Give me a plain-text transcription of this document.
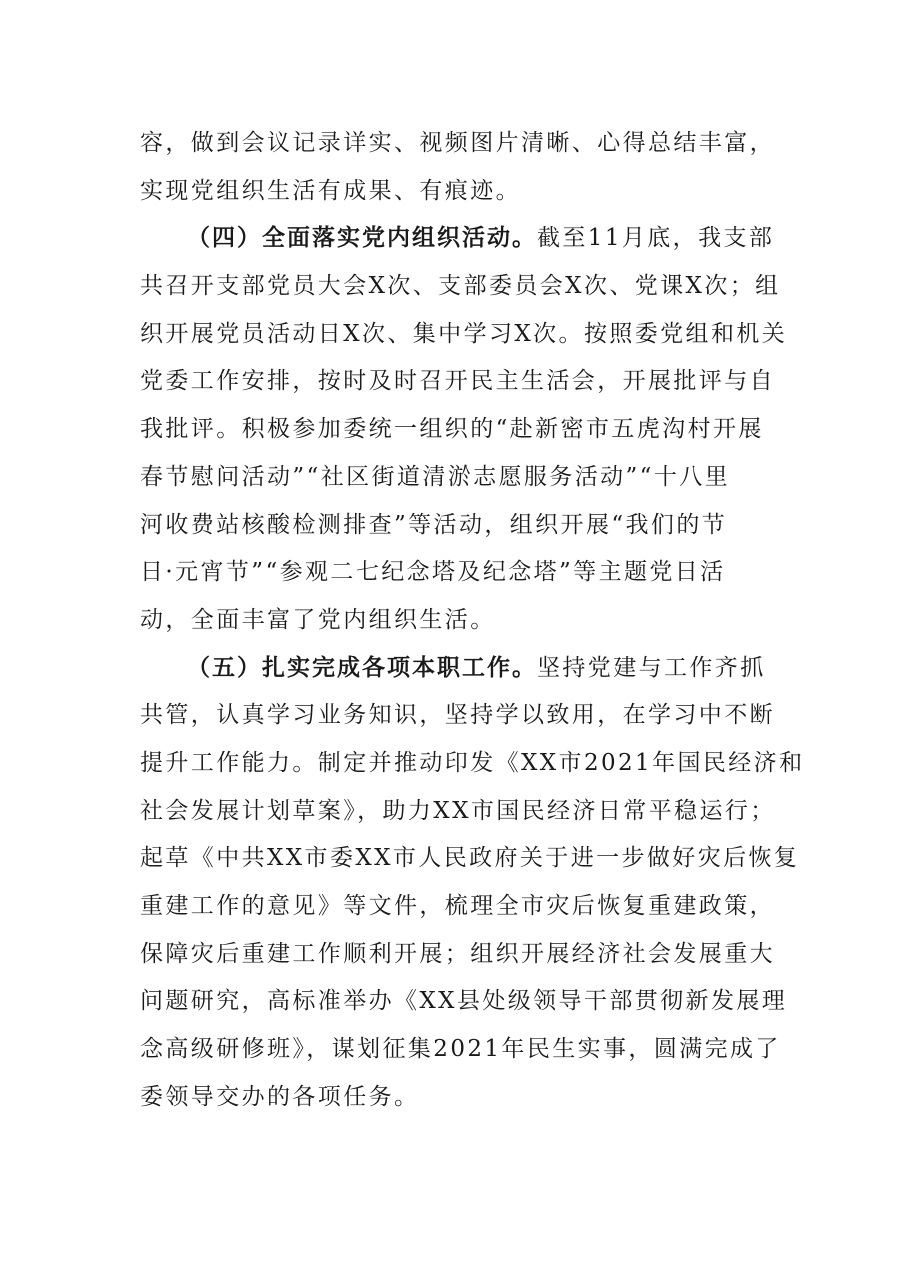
容，做到会议记录详实、视频图片清晰、心得总结丰富，
实现党组织生活有成果、有痕迹。
（四）全面落实党内组织活动。截至11月底，我支部
共召开支部党员大会X次、支部委员会X次、党课X次；组
织开展党员活动日X次、集中学习X次。按照委党组和机关
党委工作安排，按时及时召开民主生活会，开展批评与自
我批评。积极参加委统一组织的“赴新密市五虎沟村开展
春节慰问活动”“社区街道清淤志愿服务活动”“十八里
河收费站核酸检测排查”等活动，组织开展“我们的节
日·元宵节”“参观二七纪念塔及纪念塔”等主题党日活
动，全面丰富了党内组织生活。
（五）扎实完成各项本职工作。坚持党建与工作齐抓
共管，认真学习业务知识，坚持学以致用，在学习中不断
提升工作能力。制定并推动印发《XX市2021年国民经济和
社会发展计划草案》，助力XX市国民经济日常平稳运行；
起草《中共XX市委XX市人民政府关于进一步做好灾后恢复
重建工作的意见》等文件，梳理全市灾后恢复重建政策，
保障灾后重建工作顺利开展；组织开展经济社会发展重大
问题研究，高标准举办《XX县处级领导干部贯彻新发展理
念高级研修班》，谋划征集2021年民生实事，圆满完成了
委领导交办的各项任务。
